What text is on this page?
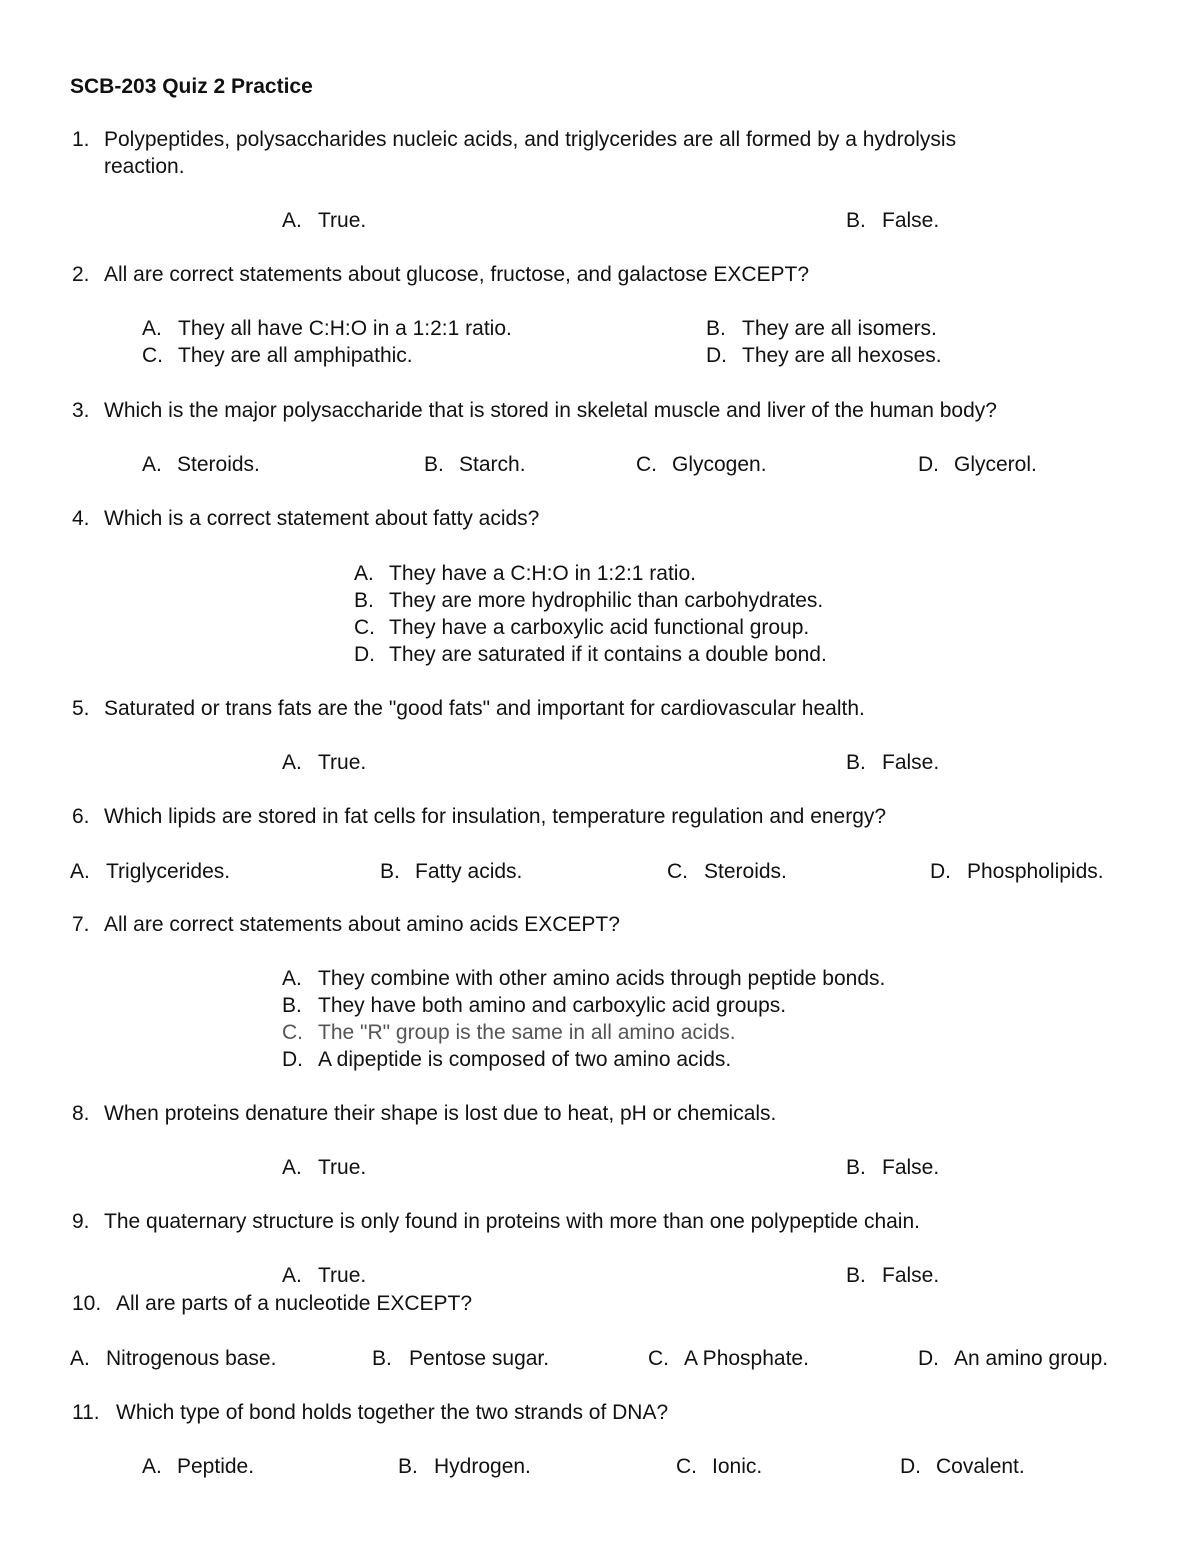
SCB-203 Quiz 2 Practice
1. Polypeptides, polysaccharides nucleic acids, and triglycerides are all formed by a hydrolysis
reaction.
A. True.	B. False.
2. All are correct statements about glucose, fructose, and galactose EXCEPT?
A. They all have C:H:O in a 1:2:1 ratio.	B. They are all isomers.
C. They are all amphipathic.	D. They are all hexoses.
3. Which is the major polysaccharide that is stored in skeletal muscle and liver of the human body?
A. Steroids.	B. Starch.	C. Glycogen.	D. Glycerol.
4. Which is a correct statement about fatty acids?
A. They have a C:H:O in 1:2:1 ratio.
B. They are more hydrophilic than carbohydrates.
C. They have a carboxylic acid functional group.
D. They are saturated if it contains a double bond.
5. Saturated or trans fats are the "good fats" and important for cardiovascular health.
A. True.	B. False.
6. Which lipids are stored in fat cells for insulation, temperature regulation and energy?
A. Triglycerides.	B. Fatty acids.	C. Steroids.	D. Phospholipids.
7. All are correct statements about amino acids EXCEPT?
A. They combine with other amino acids through peptide bonds.
B. They have both amino and carboxylic acid groups.
C. The "R" group is the same in all amino acids.
D. A dipeptide is composed of two amino acids.
8. When proteins denature their shape is lost due to heat, pH or chemicals.
A. True.	B. False.
9. The quaternary structure is only found in proteins with more than one polypeptide chain.
A. True.	B. False.
10. All are parts of a nucleotide EXCEPT?
A. Nitrogenous base.	B. Pentose sugar.	C. A Phosphate.	D. An amino group.
11. Which type of bond holds together the two strands of DNA?
A. Peptide.	B. Hydrogen.	C. Ionic.	D. Covalent.
